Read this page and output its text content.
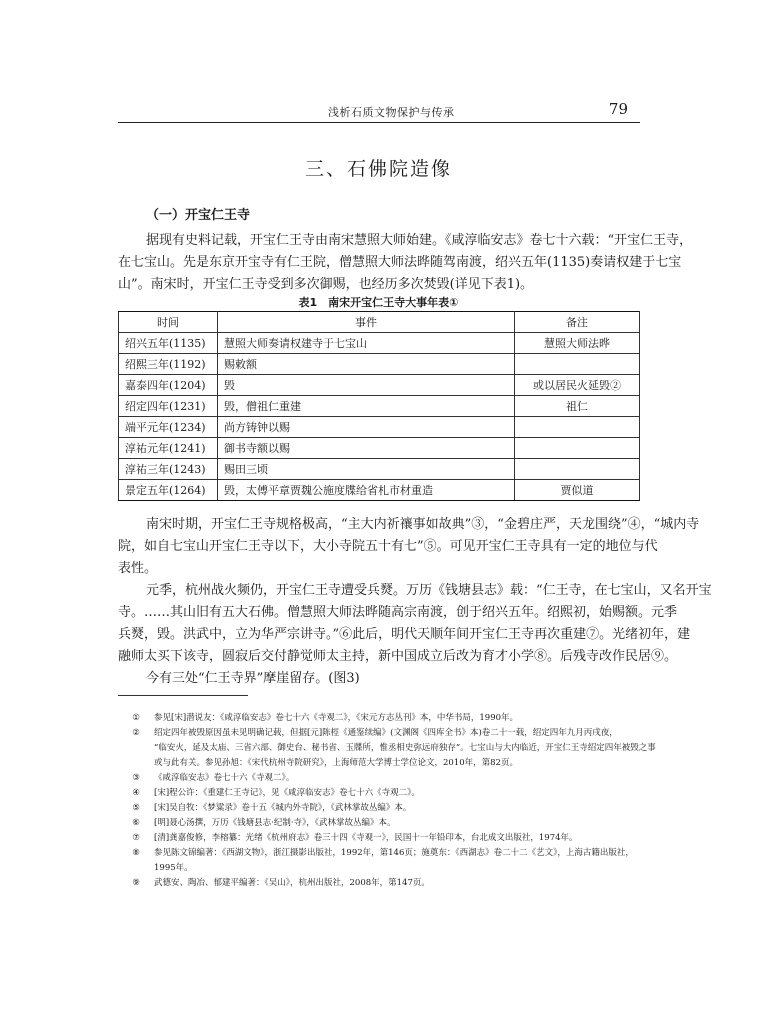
浅析石质文物保护与传承	79
三、石佛院造像
（一）开宝仁王寺
据现有史料记载，开宝仁王寺由南宋慧照大师始建。《咸淳临安志》卷七十六载：“开宝仁王寺，
在七宝山。先是东京开宝寺有仁王院，僧慧照大师法晔随驾南渡，绍兴五年(1135)奏请权建于七宝
山”。南宋时，开宝仁王寺受到多次御赐，也经历多次焚毁(详见下表1)。
表1　南宋开宝仁王寺大事年表①
时间	事件	备注
绍兴五年(1135)	慧照大师奏请权建寺于七宝山	慧照大师法晔
绍熙三年(1192)	赐敕额	
嘉泰四年(1204)	毁	或以居民火延毁②
绍定四年(1231)	毁，僧祖仁重建	祖仁
端平元年(1234)	尚方铸钟以赐	
淳祐元年(1241)	御书寺额以赐	
淳祐三年(1243)	赐田三顷	
景定五年(1264)	毁，太傅平章贾魏公施度牒给省札市材重造	贾似道
南宋时期，开宝仁王寺规格极高，“主大内祈禳事如故典”③，“金碧庄严，天龙围绕”④，“城内寺
院，如自七宝山开宝仁王寺以下，大小寺院五十有七”⑤。可见开宝仁王寺具有一定的地位与代
表性。
元季，杭州战火频仍，开宝仁王寺遭受兵燹。万历《钱塘县志》载：“仁王寺，在七宝山，又名开宝
寺。……其山旧有五大石佛。僧慧照大师法晔随高宗南渡，创于绍兴五年。绍熙初，始赐额。元季
兵燹，毁。洪武中，立为华严宗讲寺。”⑥此后，明代天顺年间开宝仁王寺再次重建⑦。光绪初年，建
融师太买下该寺，圆寂后交付静觉师太主持，新中国成立后改为育才小学⑧。后残寺改作民居⑨。
今有三处“仁王寺界”摩崖留存。(图3)
①	参见[宋]潜说友：《咸淳临安志》卷七十六《寺观二》，《宋元方志丛刊》本，中华书局，1990年。
②	绍定四年被毁原因虽未见明确记载，但据[元]陈桱《通鉴续编》(文渊阁《四库全书》本)卷二十一载，绍定四年九月丙戌夜，
“临安火，延及太庙、三省六部、御史台、秘书省、玉牒所，惟丞相史弥远府独存”。七宝山与大内临近，开宝仁王寺绍定四年被毁之事
或与此有关。参见孙旭：《宋代杭州寺院研究》，上海师范大学博士学位论文，2010年，第82页。
③	《咸淳临安志》卷七十六《寺观二》。
④	[宋]程公许：《重建仁王寺记》，见《咸淳临安志》卷七十六《寺观二》。
⑤	[宋]吴自牧：《梦粱录》卷十五《城内外寺院》，《武林掌故丛编》本。
⑥	[明]聂心汤撰，万历《钱塘县志·纪制·寺》，《武林掌故丛编》本。
⑦	[清]龚嘉俊修，李榕纂：光绪《杭州府志》卷三十四《寺观一》，民国十一年铅印本，台北成文出版社，1974年。
⑧	参见陈文锦编著：《西湖文物》，浙江摄影出版社，1992年，第146页；施奠东：《西湖志》卷二十二《艺文》，上海古籍出版社，
1995年。
⑨	武德安、陶冶、郁建平编著：《吴山》，杭州出版社，2008年，第147页。
